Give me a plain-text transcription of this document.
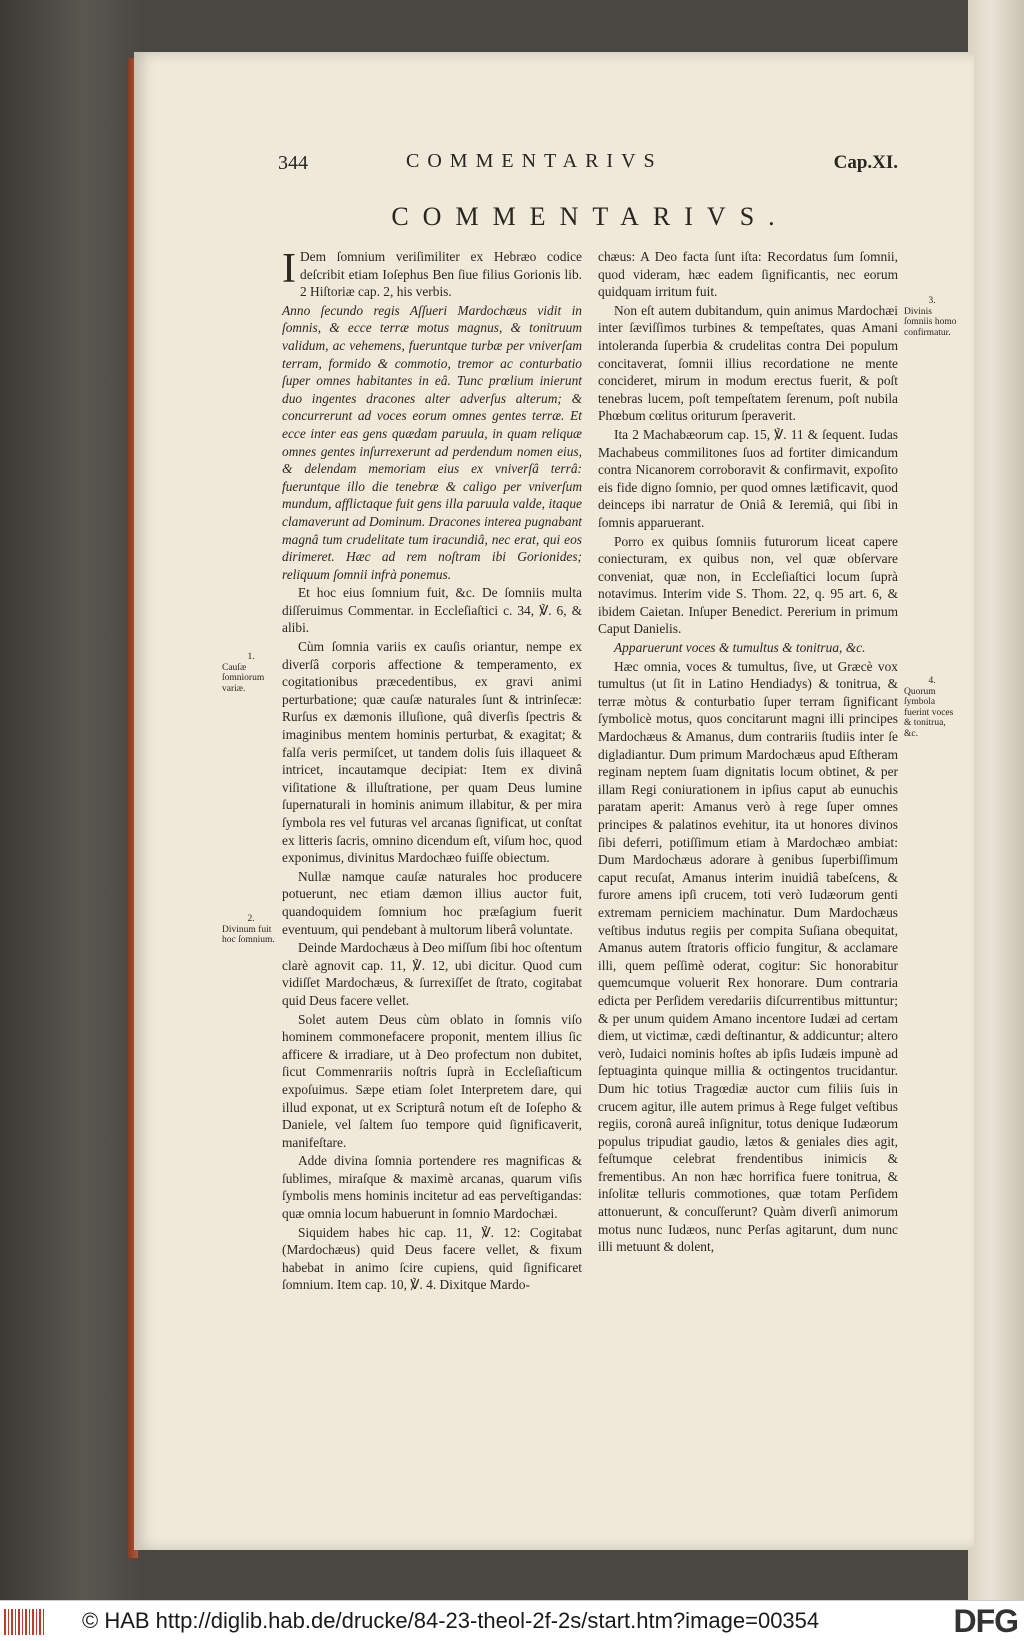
344	COMMENTARIVS	Cap.XI.
COMMENTARIVS.

I Dem ſomnium veriſimiliter ex Hebræo codice deſcribit etiam Ioſephus Ben ſiue filius Gorionis lib. 2 Hiſtoriæ cap. 2, his verbis.

Anno ſecundo regis Aſſueri Mardochæus vidit in ſomnis, & ecce terræ motus magnus, & tonitruum validum, ac vehemens, fueruntque turbæ per vniverſam terram, formido & commotio, tremor ac conturbatio ſuper omnes habitantes in eâ. Tunc prœlium inierunt duo ingentes dracones alter adverſus alterum; & concurrerunt ad voces eorum omnes gentes terræ. Et ecce inter eas gens quædam paruula, in quam reliquæ omnes gentes inſurrexerunt ad perdendum nomen eius, & delendam memoriam eius ex vniverſâ terrâ: fueruntque illo die tenebræ & caligo per vniverſum mundum, afflictaque fuit gens illa paruula valde, itaque clamaverunt ad Dominum. Dracones interea pugnabant magnâ tum crudelitate tum iracundiâ, nec erat, qui eos dirimeret. Hæc ad rem noſtram ibi Gorionides; reliquum ſomnii infrà ponemus.

Et hoc eius ſomnium fuit, &c. De ſomniis multa diſſeruimus Commentar. in Eccleſiaſtici c. 34, ℣. 6, & alibi.

Cùm ſomnia variis ex cauſis oriantur, nempe ex diverſâ corporis affectione & temperamento, ex cogitationibus præcedentibus, ex gravi animi perturbatione; quæ cauſæ naturales ſunt & intrinſecæ: Rurſus ex dæmonis illuſione, quâ diverſis ſpectris & imaginibus mentem hominis perturbat, & exagitat; & falſa veris permiſcet, ut tandem dolis ſuis illaqueet & intricet, incautamque decipiat: Item ex divinâ viſitatione & illuſtratione, per quam Deus lumine ſupernaturali in hominis animum illabitur, & per mira ſymbola res vel futuras vel arcanas ſignificat, ut conſtat ex litteris ſacris, omnino dicendum eſt, viſum hoc, quod exponimus, divinitus Mardochæo fuiſſe obiectum.

Nullæ namque cauſæ naturales hoc producere potuerunt, nec etiam dæmon illius auctor fuit, quandoquidem ſomnium hoc præſagium fuerit eventuum, qui pendebant à multorum liberâ voluntate.

Deinde Mardochæus à Deo miſſum ſibi hoc oſtentum clarè agnovit cap. 11, ℣. 12, ubi dicitur. Quod cum vidiſſet Mardochæus, & ſurrexiſſet de ſtrato, cogitabat quid Deus facere vellet.

Solet autem Deus cùm oblato in ſomnis viſo hominem commonefacere proponit, mentem illius ſic afficere & irradiare, ut à Deo profectum non dubitet, ſicut Commenrariis noſtris ſuprà in Eccleſiaſticum expoſuimus. Sæpe etiam ſolet Interpretem dare, qui illud exponat, ut ex Scripturâ notum eſt de Ioſepho & Daniele, vel ſaltem ſuo tempore quid ſignificaverit, manifeſtare.

Adde divina ſomnia portendere res magnificas & ſublimes, miraſque & maximè arcanas, quarum viſis ſymbolis mens hominis incitetur ad eas perveſtigandas: quæ omnia locum habuerunt in ſomnio Mardochæi.

Siquidem habes hic cap. 11, ℣. 12: Cogitabat (Mardochæus) quid Deus facere vellet, & fixum habebat in animo ſcire cupiens, quid ſignificaret ſomnium. Item cap. 10, ℣. 4. Dixitque Mardo-

chæus: A Deo facta ſunt iſta: Recordatus ſum ſomnii, quod videram, hæc eadem ſignificantis, nec eorum quidquam irritum fuit.

Non eſt autem dubitandum, quin animus Mardochæi inter ſæviſſimos turbines & tempeſtates, quas Amani intoleranda ſuperbia & crudelitas contra Dei populum concitaverat, ſomnii illius recordatione ne mente concideret, mirum in modum erectus fuerit, & poſt tenebras lucem, poſt tempeſtatem ſerenum, poſt nubila Phœbum cœlitus oriturum ſperaverit.

Ita 2 Machabæorum cap. 15, ℣. 11 & ſequent. Iudas Machabeus commilitones ſuos ad fortiter dimicandum contra Nicanorem corroboravit & confirmavit, expoſito eis fide digno ſomnio, per quod omnes lætificavit, quod deinceps ibi narratur de Oniâ & Ieremiâ, qui ſibi in ſomnis apparuerant.

Porro ex quibus ſomniis futurorum liceat capere coniecturam, ex quibus non, vel quæ obſervare conveniat, quæ non, in Eccleſiaſtici locum ſuprà notavimus. Interim vide S. Thom. 22, q. 95 art. 6, & ibidem Caietan. Inſuper Benedict. Pererium in primum Caput Danielis.

Apparuerunt voces & tumultus & tonitrua, &c.

Hæc omnia, voces & tumultus, ſive, ut Græcè vox tumultus (ut ſit in Latino Hendiadys) & tonitrua, & terræ mòtus & conturbatio ſuper terram ſignificant ſymbolicè motus, quos concitarunt magni illi principes Mardochæus & Amanus, dum contrariis ſtudiis inter ſe digladiantur. Dum primum Mardochæus apud Eſtheram reginam neptem ſuam dignitatis locum obtinet, & per illam Regi coniurationem in ipſius caput ab eunuchis paratam aperit: Amanus verò à rege ſuper omnes principes & palatinos evehitur, ita ut honores divinos ſibi deferri, potiſſimum etiam à Mardochæo ambiat: Dum Mardochæus adorare à genibus ſuperbiſſimum caput recuſat, Amanus interim inuidiâ tabeſcens, & furore amens ipſi crucem, toti verò Iudæorum genti extremam perniciem machinatur. Dum Mardochæus veſtibus indutus regiis per compita Suſiana obequitat, Amanus autem ſtratoris officio fungitur, & acclamare illi, quem peſſimè oderat, cogitur: Sic honorabitur quemcumque voluerit Rex honorare. Dum contraria edicta per Perſidem veredariis diſcurrentibus mittuntur; & per unum quidem Amano incentore Iudæi ad certam diem, ut victimæ, cædi deſtinantur, & addicuntur; altero verò, Iudaici nominis hoſtes ab ipſis Iudæis impunè ad ſeptuaginta quinque millia & octingentos trucidantur. Dum hic totius Tragœdiæ auctor cum filiis ſuis in crucem agitur, ille autem primus à Rege fulget veſtibus regiis, coronâ aureâ inſignitur, totus denique Iudæorum populus tripudiat gaudio, lætos & geniales dies agit, feſtumque celebrat frendentibus inimicis & frementibus. An non hæc horrifica fuere tonitrua, & inſolitæ telluris commotiones, quæ totam Perſidem attonuerunt, & concuſſerunt? Quàm diverſi animorum motus nunc Iudæos, nunc Perſas agitarunt, dum nunc illi metuunt & dolent,

1.
Cauſæ ſomniorum variæ.
2.
Divinum fuit hoc ſomnium.
3.
Divinis ſomniis homo confirmatur.
4.
Quorum ſymbola fuerint voces & tonitrua, &c.
© HAB http://diglib.hab.de/drucke/84-23-theol-2f-2s/start.htm?image=00354	DFG
